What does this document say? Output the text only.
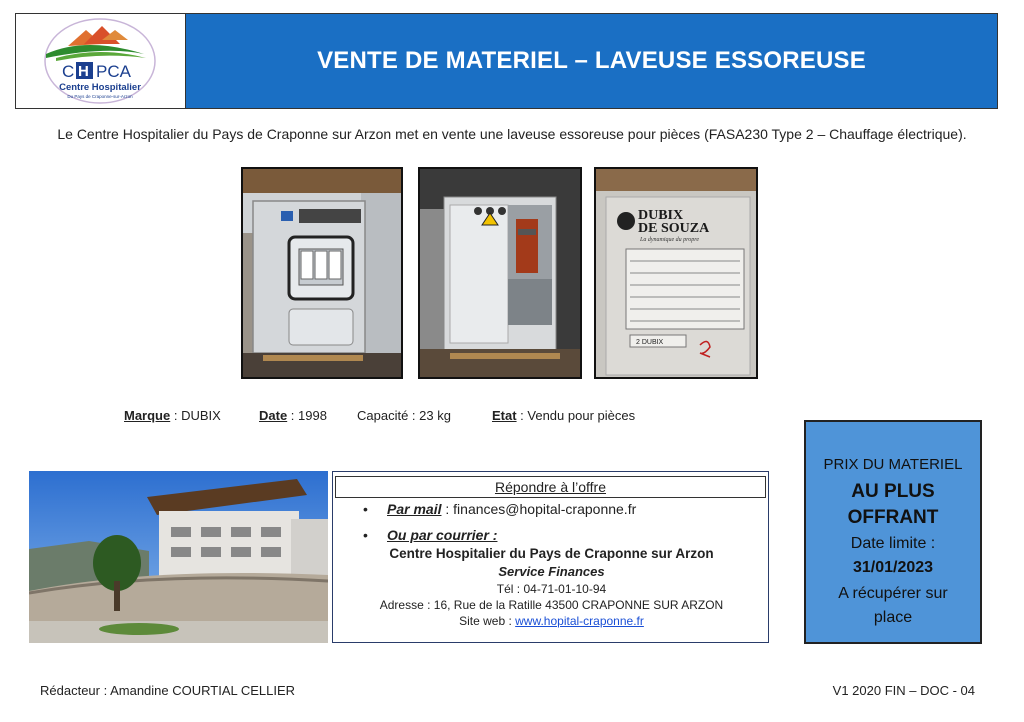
C H PCA
Centre Hospitalier
Du Pays de Craponne-sur-Arzon
VENTE DE MATERIEL – LAVEUSE ESSOREUSE
Le Centre Hospitalier du Pays de Craponne sur Arzon met en vente une laveuse essoreuse pour pièces (FASA230 Type 2 – Chauffage électrique).
DUBIX
DE SOUZA
La dynamique du propre
2 DUBIX
Marque : DUBIX	Date : 1998 Capacité : 23 kg	Etat : Vendu pour pièces
Répondre à l’offre
• Par mail : finances@hopital-craponne.fr
• Ou par courrier :
Centre Hospitalier du Pays de Craponne sur Arzon
Service Finances
Tél : 04-71-01-10-94
Adresse : 16, Rue de la Ratille 43500 CRAPONNE SUR ARZON
Site web : www.hopital-craponne.fr
PRIX DU MATERIEL
AU PLUS
OFFRANT
Date limite :
31/01/2023
A récupérer sur
place
Rédacteur : Amandine COURTIAL CELLIER	V1 2020 FIN – DOC - 04
